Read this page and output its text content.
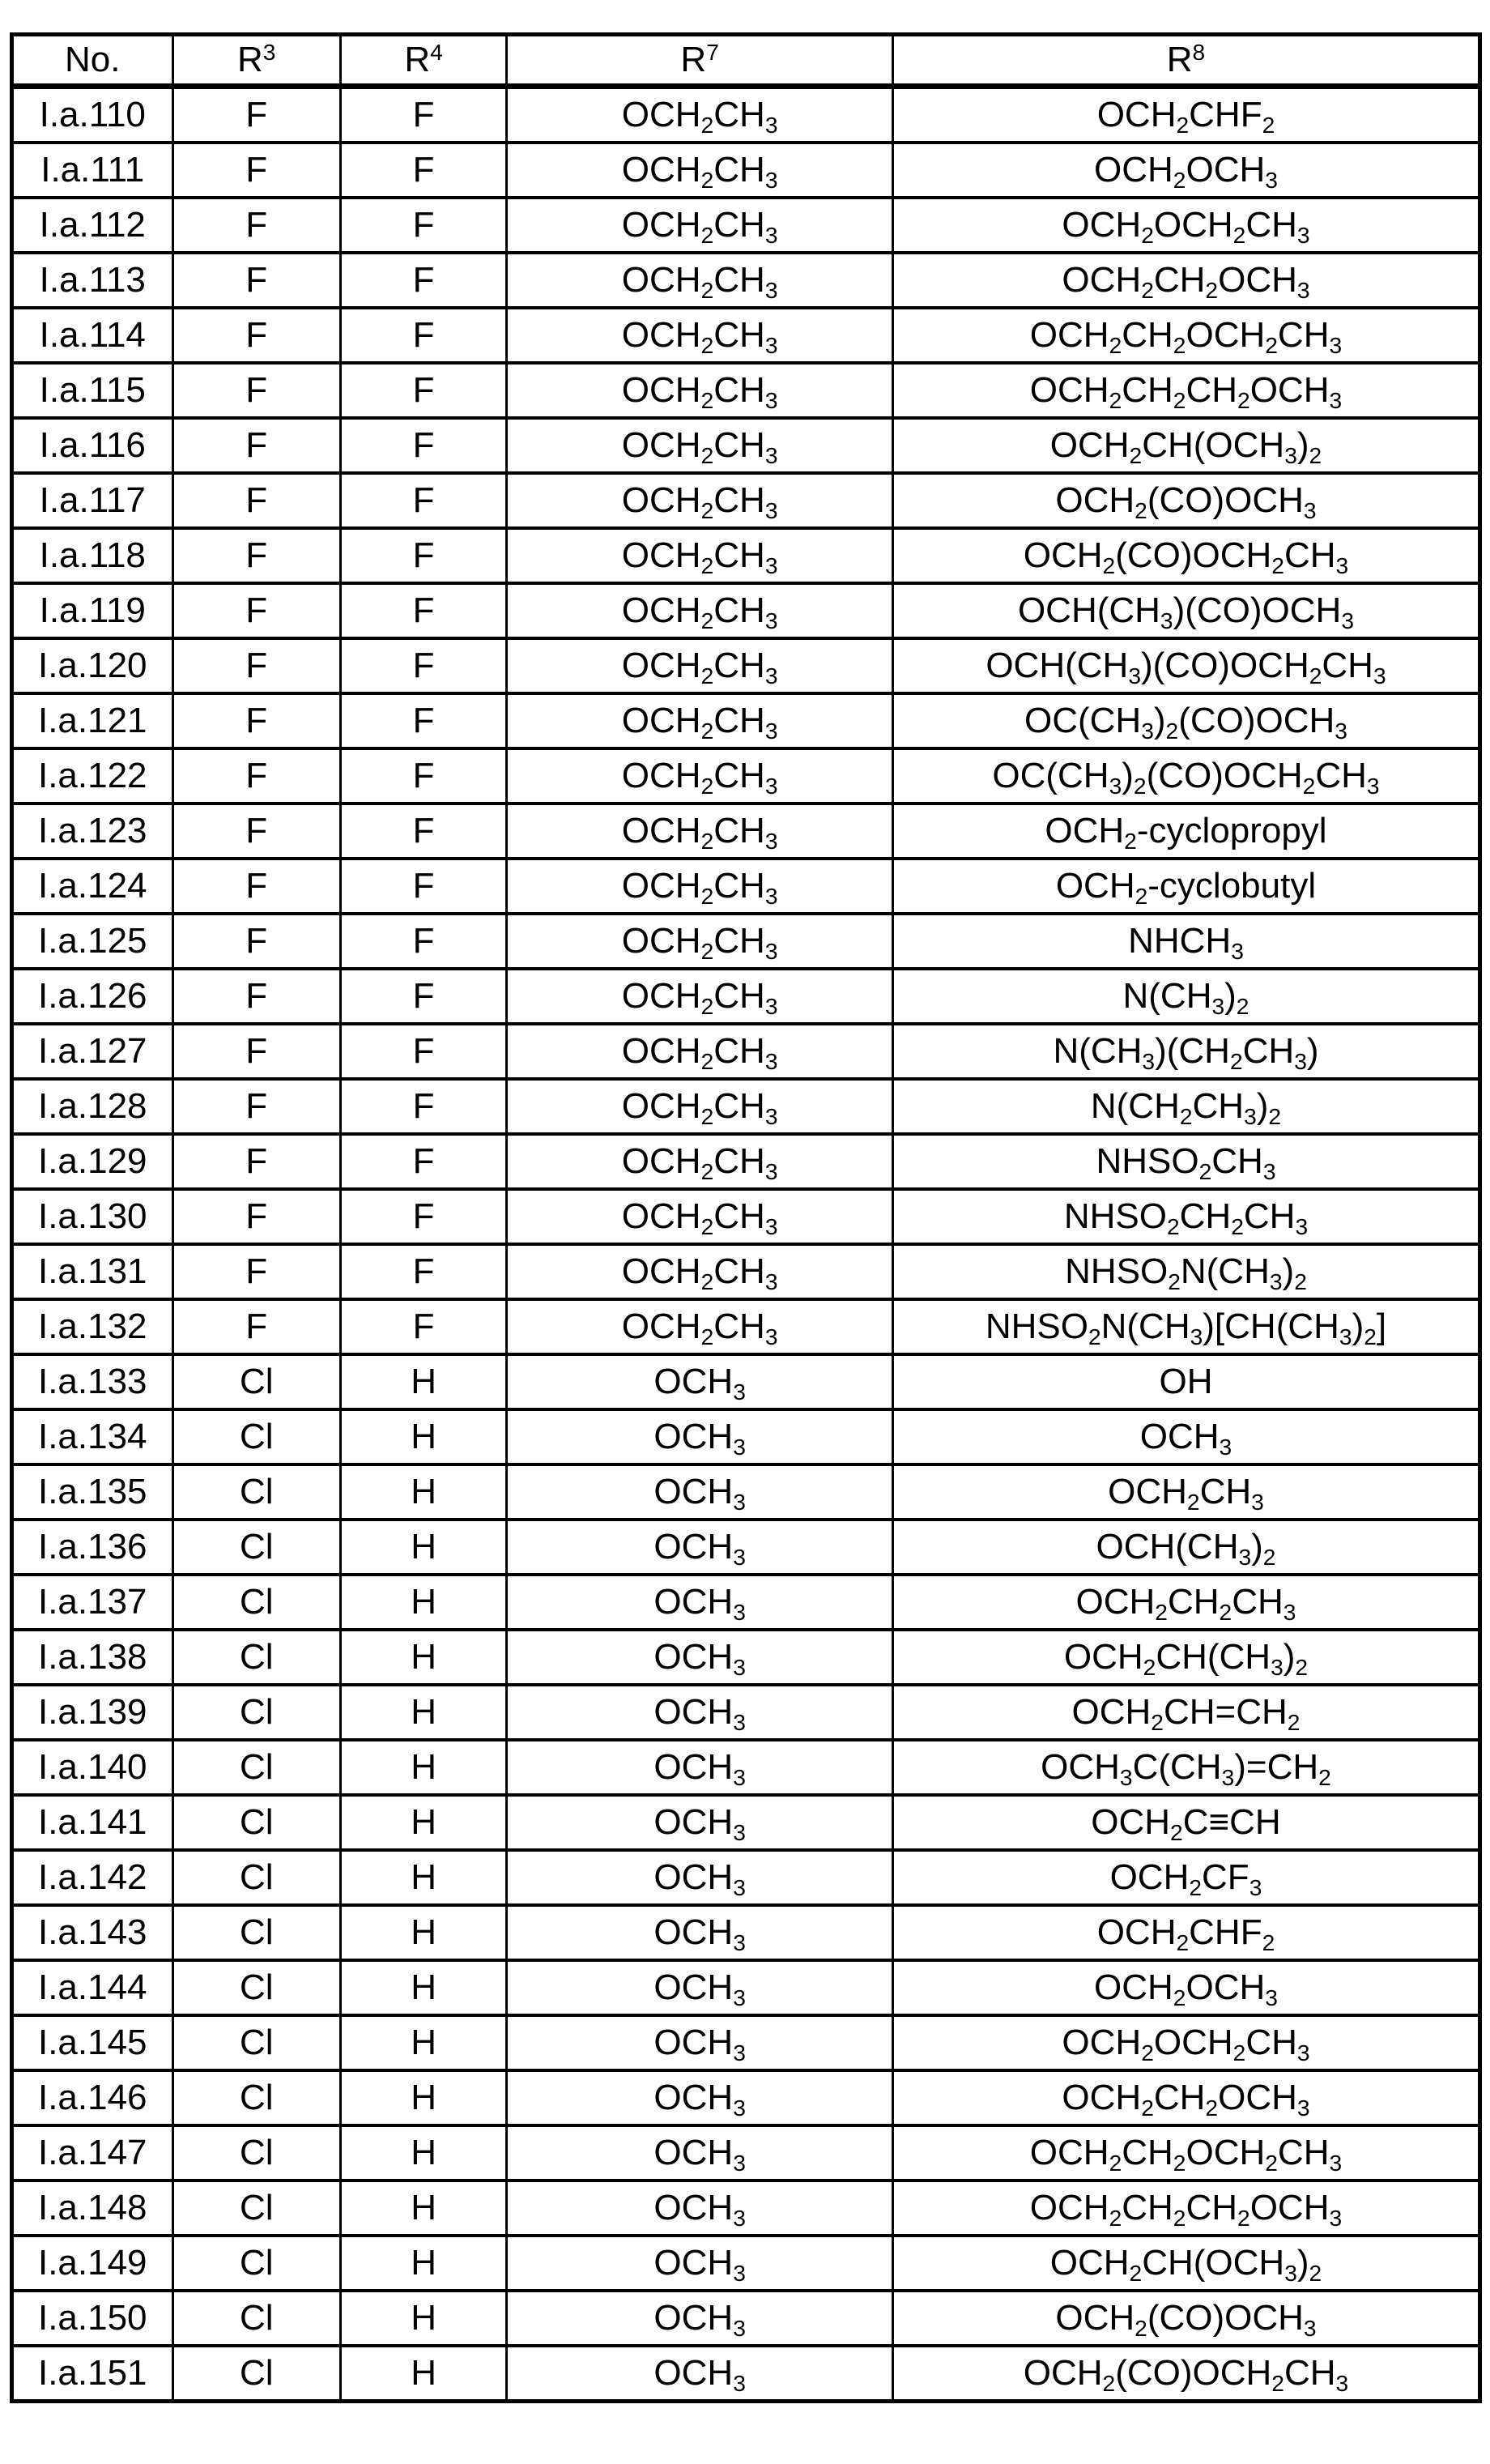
No.	$R^3$	$R^4$	$R^7$	$R^8$
I.a.110	F	F	$OCH_2CH_3$	$OCH_2CHF_2$
I.a.111	F	F	$OCH_2CH_3$	$OCH_2OCH_3$
I.a.112	F	F	$OCH_2CH_3$	$OCH_2OCH_2CH_3$
I.a.113	F	F	$OCH_2CH_3$	$OCH_2CH_2OCH_3$
I.a.114	F	F	$OCH_2CH_3$	$OCH_2CH_2OCH_2CH_3$
I.a.115	F	F	$OCH_2CH_3$	$OCH_2CH_2CH_2OCH_3$
I.a.116	F	F	$OCH_2CH_3$	$OCH_2CH(OCH_3)_2$
I.a.117	F	F	$OCH_2CH_3$	$OCH_2(CO)OCH_3$
I.a.118	F	F	$OCH_2CH_3$	$OCH_2(CO)OCH_2CH_3$
I.a.119	F	F	$OCH_2CH_3$	$OCH(CH_3)(CO)OCH_3$
I.a.120	F	F	$OCH_2CH_3$	$OCH(CH_3)(CO)OCH_2CH_3$
I.a.121	F	F	$OCH_2CH_3$	$OC(CH_3)_2(CO)OCH_3$
I.a.122	F	F	$OCH_2CH_3$	$OC(CH_3)_2(CO)OCH_2CH_3$
I.a.123	F	F	$OCH_2CH_3$	$OCH_2$-cyclopropyl
I.a.124	F	F	$OCH_2CH_3$	$OCH_2$-cyclobutyl
I.a.125	F	F	$OCH_2CH_3$	$NHCH_3$
I.a.126	F	F	$OCH_2CH_3$	$N(CH_3)_2$
I.a.127	F	F	$OCH_2CH_3$	$N(CH_3)(CH_2CH_3)$
I.a.128	F	F	$OCH_2CH_3$	$N(CH_2CH_3)_2$
I.a.129	F	F	$OCH_2CH_3$	$NHSO_2CH_3$
I.a.130	F	F	$OCH_2CH_3$	$NHSO_2CH_2CH_3$
I.a.131	F	F	$OCH_2CH_3$	$NHSO_2N(CH_3)_2$
I.a.132	F	F	$OCH_2CH_3$	$NHSO_2N(CH_3)[CH(CH_3)_2]$
I.a.133	Cl	H	$OCH_3$	OH
I.a.134	Cl	H	$OCH_3$	$OCH_3$
I.a.135	Cl	H	$OCH_3$	$OCH_2CH_3$
I.a.136	Cl	H	$OCH_3$	$OCH(CH_3)_2$
I.a.137	Cl	H	$OCH_3$	$OCH_2CH_2CH_3$
I.a.138	Cl	H	$OCH_3$	$OCH_2CH(CH_3)_2$
I.a.139	Cl	H	$OCH_3$	$OCH_2CH=CH_2$
I.a.140	Cl	H	$OCH_3$	$OCH_3C(CH_3)=CH_2$
I.a.141	Cl	H	$OCH_3$	$OCH_2C\equiv CH$
I.a.142	Cl	H	$OCH_3$	$OCH_2CF_3$
I.a.143	Cl	H	$OCH_3$	$OCH_2CHF_2$
I.a.144	Cl	H	$OCH_3$	$OCH_2OCH_3$
I.a.145	Cl	H	$OCH_3$	$OCH_2OCH_2CH_3$
I.a.146	Cl	H	$OCH_3$	$OCH_2CH_2OCH_3$
I.a.147	Cl	H	$OCH_3$	$OCH_2CH_2OCH_2CH_3$
I.a.148	Cl	H	$OCH_3$	$OCH_2CH_2CH_2OCH_3$
I.a.149	Cl	H	$OCH_3$	$OCH_2CH(OCH_3)_2$
I.a.150	Cl	H	$OCH_3$	$OCH_2(CO)OCH_3$
I.a.151	Cl	H	$OCH_3$	$OCH_2(CO)OCH_2CH_3$
